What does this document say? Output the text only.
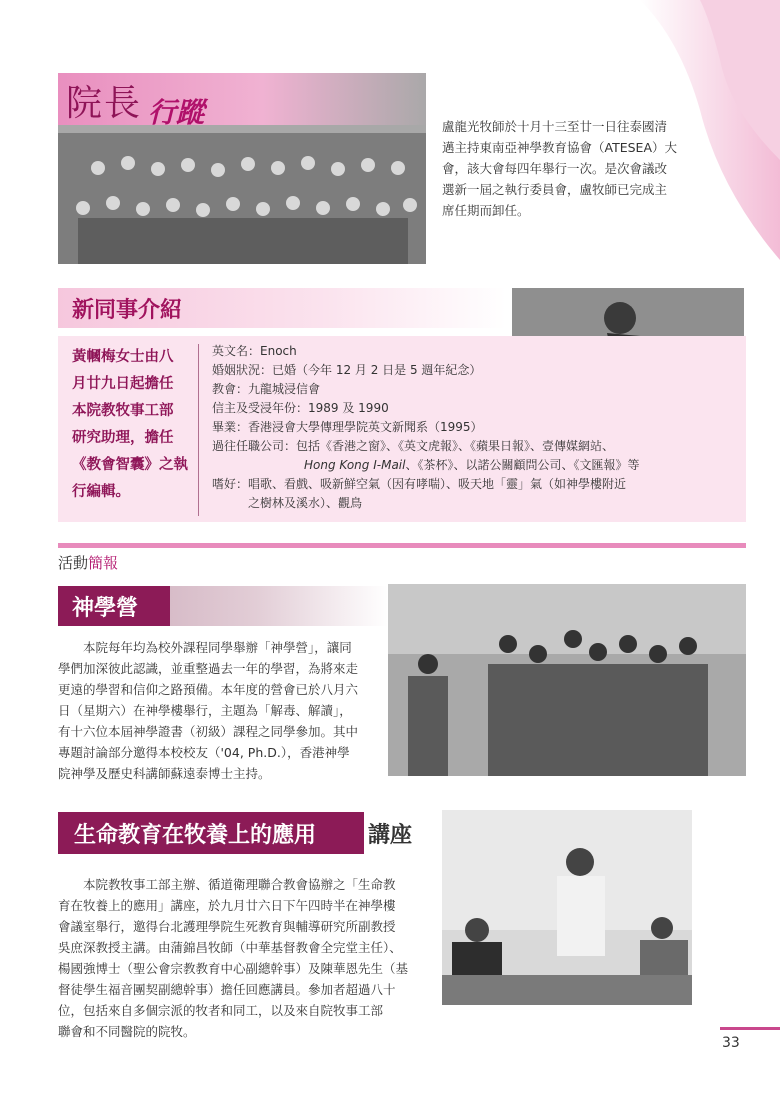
院長 行蹤	盧龍光牧師於十月十三至廿一日往泰國清
邁主持東南亞神學教育協會（ATESEA）大
會，該大會每四年舉行一次。是次會議改
選新一屆之執行委員會，盧牧師已完成主
席任期而卸任。
新同事介紹
黃幗梅女士由八
月廿九日起擔任
本院教牧事工部
研究助理，擔任
《教會智囊》之執
行編輯。
英文名：Enoch
婚姻狀況：已婚（今年 12 月 2 日是 5 週年紀念）
教會：九龍城浸信會
信主及受浸年份：1989 及 1990
畢業：香港浸會大學傳理學院英文新聞系（1995）
過往任職公司：包括《香港之窗》、《英文虎報》、《蘋果日報》、壹傳媒網站、
Hong Kong I-Mail、《茶杯》、以諾公關顧問公司、《文匯報》等
嗜好：唱歌、看戲、吸新鮮空氣（因有哮喘）、吸天地「靈」氣（如神學樓附近
之樹林及溪水）、觀鳥
活動簡報
神學營
　　本院每年均為校外課程同學舉辦「神學營」，讓同
學們加深彼此認識，並重整過去一年的學習，為將來走
更遠的學習和信仰之路預備。本年度的營會已於八月六
日（星期六）在神學樓舉行，主題為「解毒、解讀」，
有十六位本屆神學證書（初級）課程之同學參加。其中
專題討論部分邀得本校校友（'04, Ph.D.），香港神學
院神學及歷史科講師蘇遠泰博士主持。
生命教育在牧養上的應用 講座
　　本院教牧事工部主辦、循道衛理聯合教會協辦之「生命教
育在牧養上的應用」講座，於九月廿六日下午四時半在神學樓
會議室舉行，邀得台北護理學院生死教育與輔導研究所副教授
吳庶深教授主講。由蒲錦昌牧師（中華基督教會全完堂主任）、
楊國強博士（聖公會宗教教育中心副總幹事）及陳華恩先生（基
督徒學生福音團契副總幹事）擔任回應講員。參加者超過八十
位，包括來自多個宗派的牧者和同工，以及來自院牧事工部
聯會和不同醫院的院牧。
33
